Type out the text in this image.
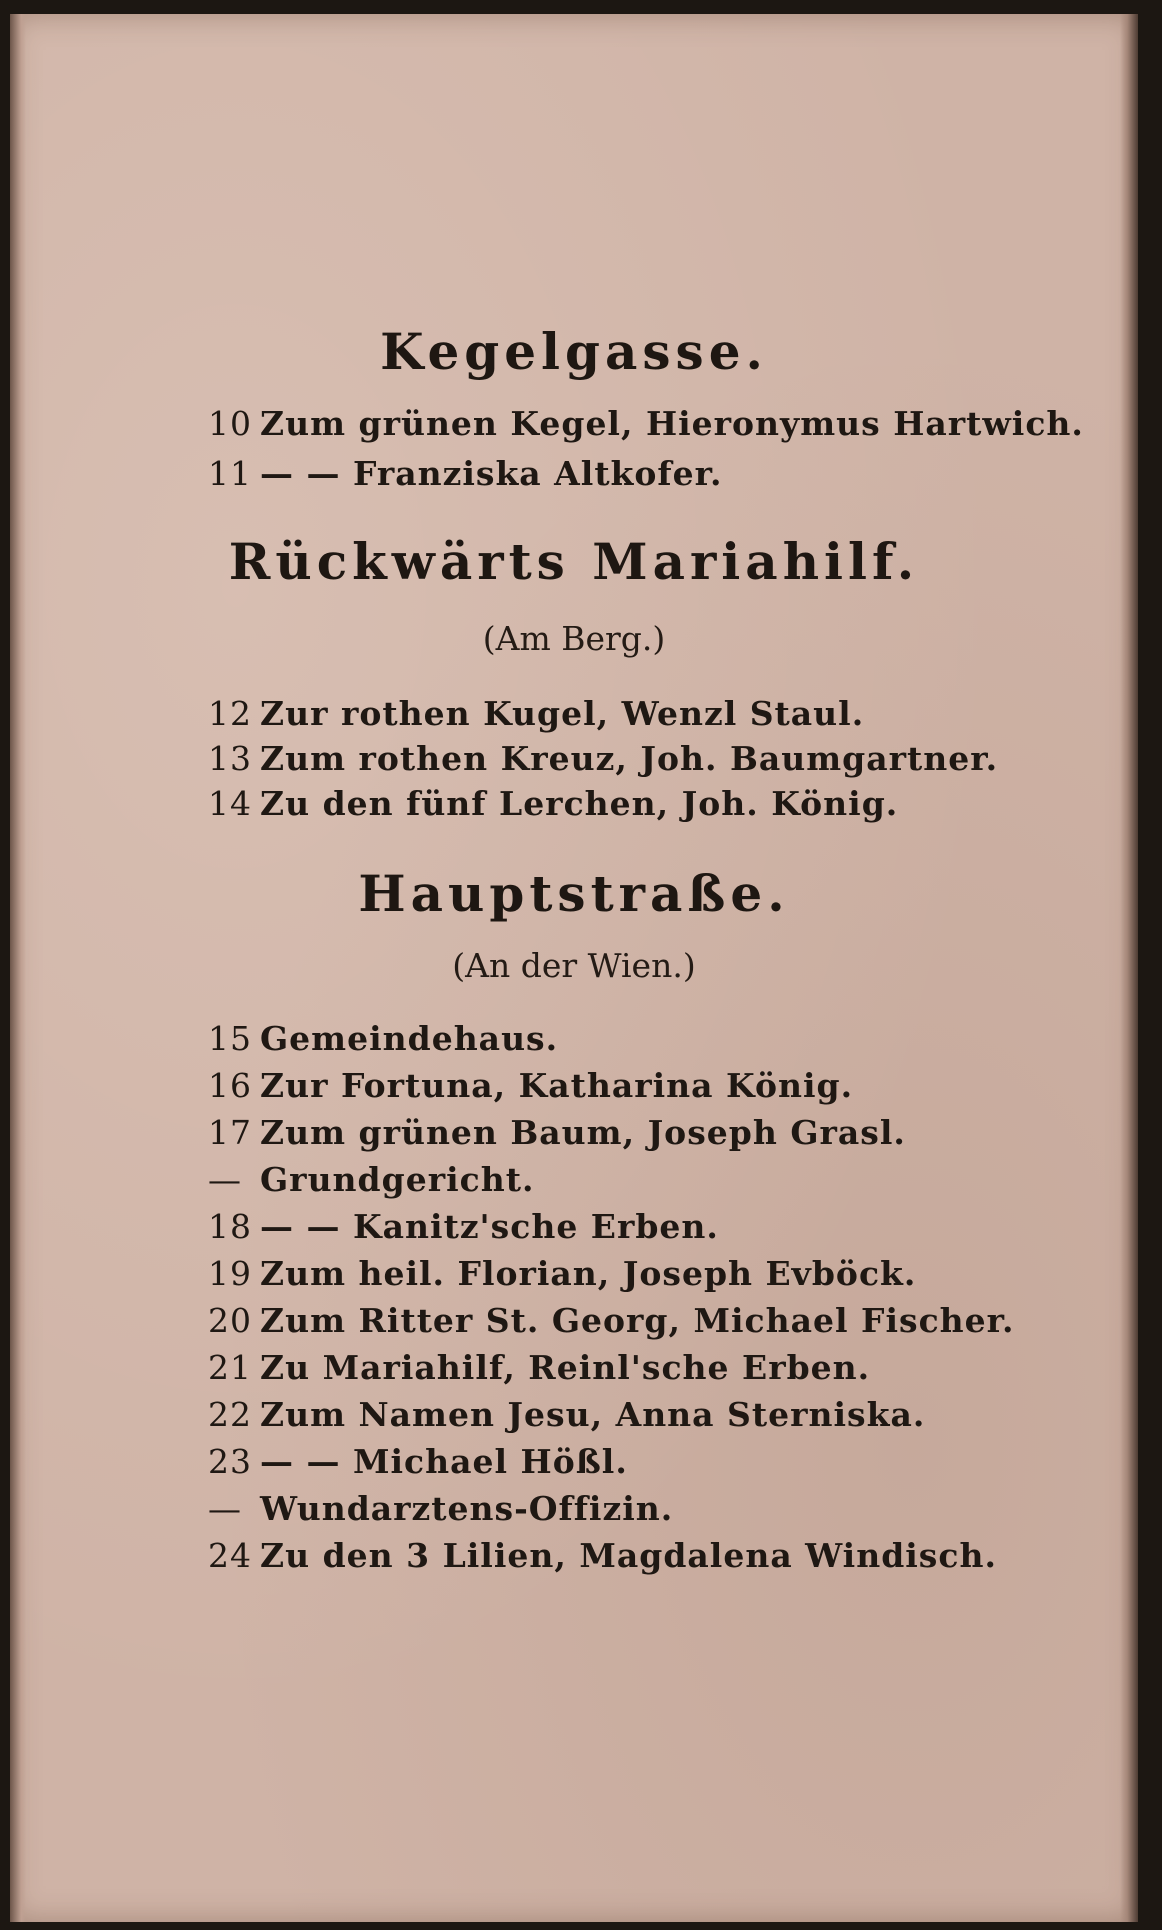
Kegelgasse.
10 Zum grünen Kegel, Hieronymus Hartwich.
11 — — Franziska Altkofer.
Rückwärts Mariahilf.
(Am Berg.)
12 Zur rothen Kugel, Wenzl Staul.
13 Zum rothen Kreuz, Joh. Baumgartner.
14 Zu den fünf Lerchen, Joh. König.
Hauptstraße.
(An der Wien.)
15 Gemeindehaus.
16 Zur Fortuna, Katharina König.
17 Zum grünen Baum, Joseph Grasl.
— Grundgericht.
18 — — Kanitz'sche Erben.
19 Zum heil. Florian, Joseph Evböck.
20 Zum Ritter St. Georg, Michael Fischer.
21 Zu Mariahilf, Reinl'sche Erben.
22 Zum Namen Jesu, Anna Sterniska.
23 — — Michael Hößl.
— Wundarztens-Offizin.
24 Zu den 3 Lilien, Magdalena Windisch.
